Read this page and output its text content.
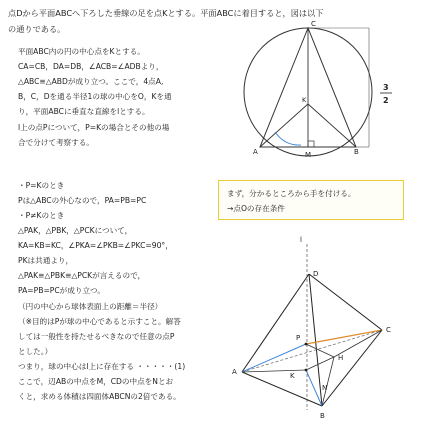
点Dから平面ABCへ下ろした垂線の足を点Kとする。平面ABCに着目すると，図は以下
の通りである。
平面ABC内の円の中心点をKとする。
CA=CB，DA=DB，∠ACB=∠ADBより，
△ABC≡△ABDが成り立つ。ここで，4点A,
B，C，Dを通る半径1の球の中心をO，Kを通
り，平面ABCに垂直な直線をlとする。
l上の点Pについて，P=Kの場合とその他の場
合で分けて考察する。
C
K
A	M	B
3
2
・P=Kのとき
Pは△ABCの外心なので，PA=PB=PC
・P≠Kのとき
△PAK，△PBK，△PCKについて，
KA=KB=KC，∠PKA=∠PKB=∠PKC=90°，
PKは共通より，
△PAK≡△PBK≡△PCKが言えるので，
PA=PB=PCが成り立つ。
（円の中心から球体表面上の距離＝半径）
（※目的はPが球の中心であると示すこと。解答
しては一般性を持たせるべきなので任意の点P
とした。）
つまり，球の中心はl上に存在する ・・・・・(1)
ここで，辺ABの中点をM，CDの中点をNとお
くと，求める体積は四面体ABCNの2倍である。
まず，分かるところから手を付ける。
→点Oの存在条件
l
D
P
C
H
K
A
N
B
